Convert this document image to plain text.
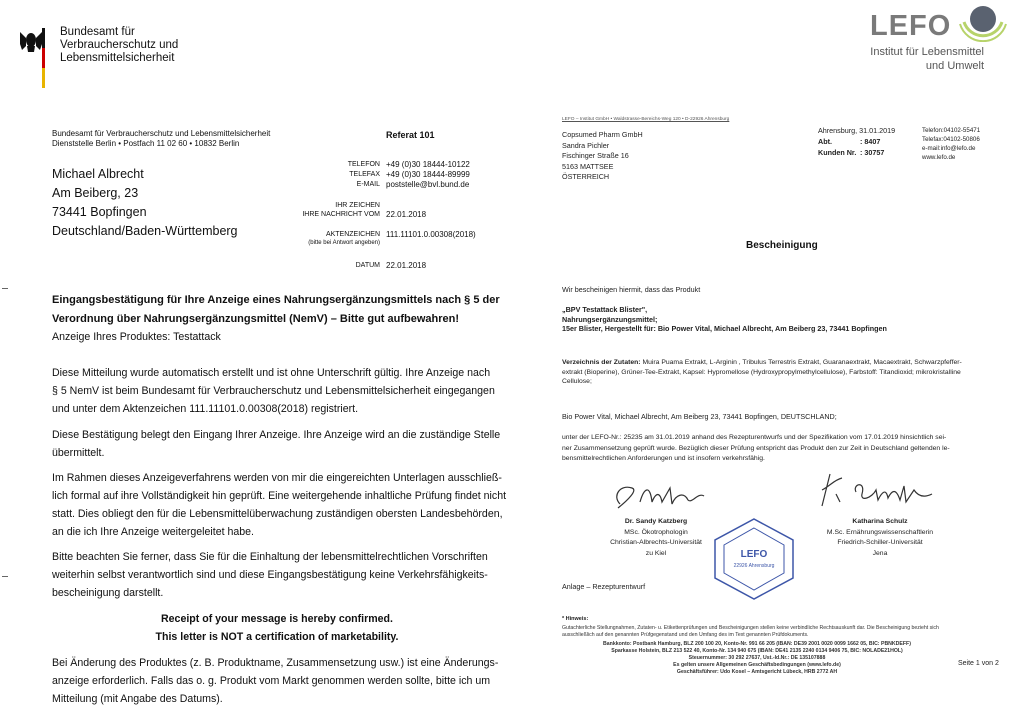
Bundesamt für
Verbraucherschutz und
Lebensmittelsicherheit
Bundesamt für Verbraucherschutz und Lebensmittelsicherheit
Dienststelle Berlin • Postfach 11 02 60 • 10832 Berlin
Referat 101
Michael Albrecht
Am Beiberg, 23
73441 Bopfingen
Deutschland/Baden-Württemberg
TELEFON +49 (0)30 18444-10122
TELEFAX +49 (0)30 18444-89999
E-MAIL poststelle@bvl.bund.de
IHR ZEICHEN
IHRE NACHRICHT VOM 22.01.2018
AKTENZEICHEN 111.11101.0.00308(2018)
(bitte bei Antwort angeben)
DATUM 22.01.2018
Eingangsbestätigung für Ihre Anzeige eines Nahrungsergänzungsmittels nach § 5 der
Verordnung über Nahrungsergänzungsmittel (NemV) – Bitte gut aufbewahren!
Anzeige Ihres Produktes: Testattack
Diese Mitteilung wurde automatisch erstellt und ist ohne Unterschrift gültig. Ihre Anzeige nach
§ 5 NemV ist beim Bundesamt für Verbraucherschutz und Lebensmittelsicherheit eingegangen
und unter dem Aktenzeichen 111.11101.0.00308(2018) registriert.
Diese Bestätigung belegt den Eingang Ihrer Anzeige. Ihre Anzeige wird an die zuständige Stelle
übermittelt.
Im Rahmen dieses Anzeigeverfahrens werden von mir die eingereichten Unterlagen ausschließ-
lich formal auf ihre Vollständigkeit hin geprüft. Eine weitergehende inhaltliche Prüfung findet nicht
statt. Dies obliegt den für die Lebensmittelüberwachung zuständigen obersten Landesbehörden,
an die ich Ihre Anzeige weitergeleitet habe.
Bitte beachten Sie ferner, dass Sie für die Einhaltung der lebensmittelrechtlichen Vorschriften
weiterhin selbst verantwortlich sind und diese Eingangsbestätigung keine Verkehrsfähigkeits-
bescheinigung darstellt.
Receipt of your message is hereby confirmed.
This letter is NOT a certification of marketability.
Bei Änderung des Produktes (z. B. Produktname, Zusammensetzung usw.) ist eine Änderungs-
anzeige erforderlich. Falls das o. g. Produkt vom Markt genommen werden sollte, bitte ich um
Mitteilung (mit Angabe des Datums).
LEFO
Institut für Lebensmittel
und Umwelt
LEFO – Institut GmbH • Waldstrasse-Bereichs-Weg 120 • D-22926 Ahrensburg
Copsumed Pharm GmbH
Sandra Pichler
Fischinger Straße 16
5163 MATTSEE
ÖSTERREICH
Ahrensburg, 31.01.2019
Abt.	: 8407
Kunden Nr. : 30757
Telefon:04102-55471
Telefax:04102-50806
e-mail:info@lefo.de
www.lefo.de
Bescheinigung
Wir bescheinigen hiermit, dass das Produkt
„BPV Testattack Blister",
Nahrungsergänzungsmittel;
15er Blister, Hergestellt für: Bio Power Vital, Michael Albrecht, Am Beiberg 23, 73441 Bopfingen
Verzeichnis der Zutaten: Muira Puama Extrakt, L-Arginin , Tribulus Terrestris Extrakt, Guaranaextrakt, Macaextrakt, Schwarzpfeffer-
extrakt (Bioperine), Grüner-Tee-Extrakt, Kapsel: Hypromellose (Hydroxypropylmethylcellulose), Farbstoff: Titandioxid; mikrokristalline
Cellulose;
Bio Power Vital, Michael Albrecht, Am Beiberg 23, 73441 Bopfingen, DEUTSCHLAND;
unter der LEFO-Nr.: 25235 am 31.01.2019 anhand des Rezepturentwurfs und der Spezifikation vom 17.01.2019 hinsichtlich sei-
ner Zusammensetzung geprüft wurde. Bezüglich dieser Prüfung entspricht das Produkt den zur Zeit in Deutschland geltenden le-
bensmittelrechtlichen Anforderungen und ist insofern verkehrsfähig.
Dr. Sandy Katzberg
MSc. Ökotrophologin
Christian-Albrechts-Universität
zu Kiel
Katharina Schulz
M.Sc. Ernährungswissenschaftlerin
Friedrich-Schiller-Universität
Jena
LEFO
22926 Ahrensburg
Anlage – Rezepturentwurf
* Hinweis:
Gutachterliche Stellungnahmen, Zutaten- u. Etikettenprüfungen und Bescheinigungen stellen keine verbindliche Rechtsauskunft dar. Die Bescheinigung bezieht sich
ausschließlich auf den genannten Prüfgegenstand und den Umfang des im Text genannten Prüfdokuments.
Bankkonto: Postbank Hamburg, BLZ 200 100 20, Konto-Nr. 991 66 205 (IBAN: DE39 2001 0020 0099 1662 05, BIC: PBNKDEFF)
Sparkasse Holstein, BLZ 213 522 40, Konto-Nr. 134 940 675 (IBAN: DE41 2135 2240 0134 9406 75, BIC: NOLADE21HOL)
Steuernummer: 30 292 27637, Ust.-Id.Nr.: DE 135107888
Es gelten unsere Allgemeinen Geschäftsbedingungen (www.lefo.de)
Geschäftsführer: Udo Kosel – Amtsgericht Lübeck, HRB 2772 AH
Seite 1 von 2
